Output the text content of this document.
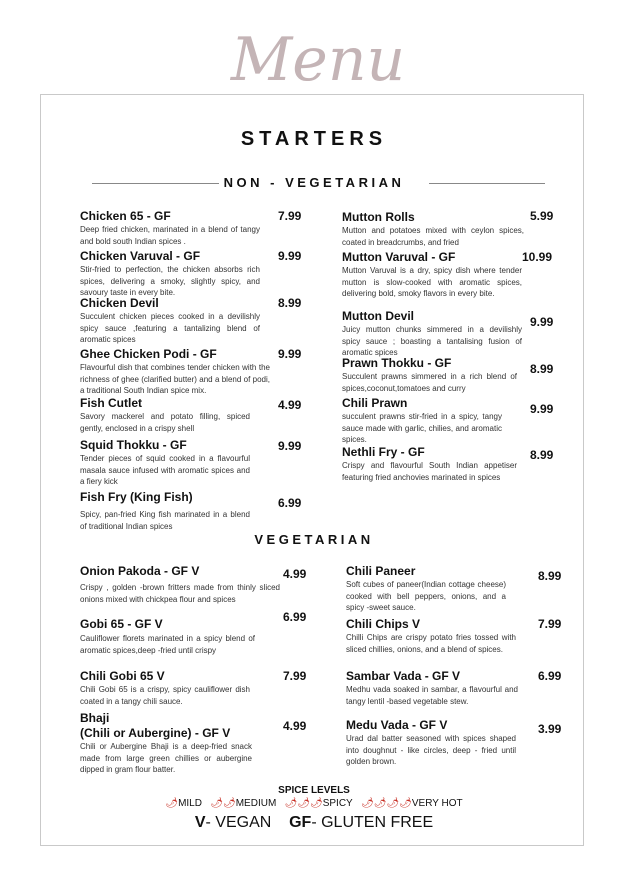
Menu
STARTERS
NON - VEGETARIAN
Chicken 65 - GF
Deep fried chicken, marinated in a blend of tangy and bold south Indian spices .
7.99
Chicken Varuval - GF
Stir-fried to perfection, the chicken absorbs rich spices, delivering a smoky, slightly spicy, and savoury taste in every bite.
9.99
Chicken Devil
Succulent chicken pieces cooked in a devilishly spicy sauce ,featuring a tantalizing blend of aromatic spices
8.99
Ghee Chicken Podi - GF
Flavourful dish that combines tender chicken with the richness of ghee (clarified butter) and a blend of podi, a traditional South Indian spice mix.
9.99
Fish Cutlet
Savory mackerel and potato filling, spiced gently, enclosed in a crispy shell
4.99
Squid Thokku - GF
Tender pieces of squid cooked in a flavourful masala sauce infused with aromatic spices and a fiery kick
9.99
Fish Fry (King Fish)
Spicy, pan-fried King fish marinated in a blend of traditional Indian spices
6.99
Mutton Rolls
Mutton and potatoes mixed with ceylon spices, coated in breadcrumbs, and fried
5.99
Mutton Varuval - GF
Mutton Varuval is a dry, spicy dish where tender mutton is slow-cooked with aromatic spices, delivering bold, smoky flavors in every bite.
10.99
Mutton Devil
Juicy mutton chunks simmered in a devilishly spicy sauce ; boasting a tantalising fusion of aromatic spices
9.99
Prawn Thokku - GF
Succulent prawns simmered in a rich blend of spices,coconut,tomatoes and curry
8.99
Chili Prawn
succulent prawns stir-fried in a spicy, tangy sauce made with garlic, chilies, and aromatic spices.
9.99
Nethli Fry - GF
Crispy and flavourful South Indian appetiser featuring fried anchovies marinated in spices
8.99
VEGETARIAN
Onion Pakoda - GF V
Crispy , golden -brown fritters made from thinly sliced onions mixed with chickpea flour and spices
4.99
Gobi 65 - GF V
Cauliflower florets marinated in a spicy blend of aromatic spices,deep -fried until crispy
6.99
Chili Gobi 65 V
Chili Gobi 65 is a crispy, spicy cauliflower dish coated in a tangy chili sauce.
7.99
Bhaji
(Chili or Aubergine) - GF V
Chili or Aubergine Bhaji is a deep-fried snack made from large green chillies or aubergine dipped in gram flour batter.
4.99
Chili Paneer
Soft cubes of paneer(Indian cottage cheese) cooked with bell peppers, onions, and a spicy -sweet sauce.
8.99
Chili Chips V
Chilli Chips are crispy potato fries tossed with sliced chillies, onions, and a blend of spices.
7.99
Sambar Vada - GF V
Medhu vada soaked in sambar, a flavourful and tangy lentil -based vegetable stew.
6.99
Medu Vada - GF V
Urad dal batter seasoned with spices shaped into doughnut - like circles, deep - fried until golden brown.
3.99
SPICE LEVELS
🌶MILD 🌶🌶MEDIUM 🌶🌶🌶SPICY 🌶🌶🌶🌶VERY HOT
V- VEGAN GF- GLUTEN FREE
